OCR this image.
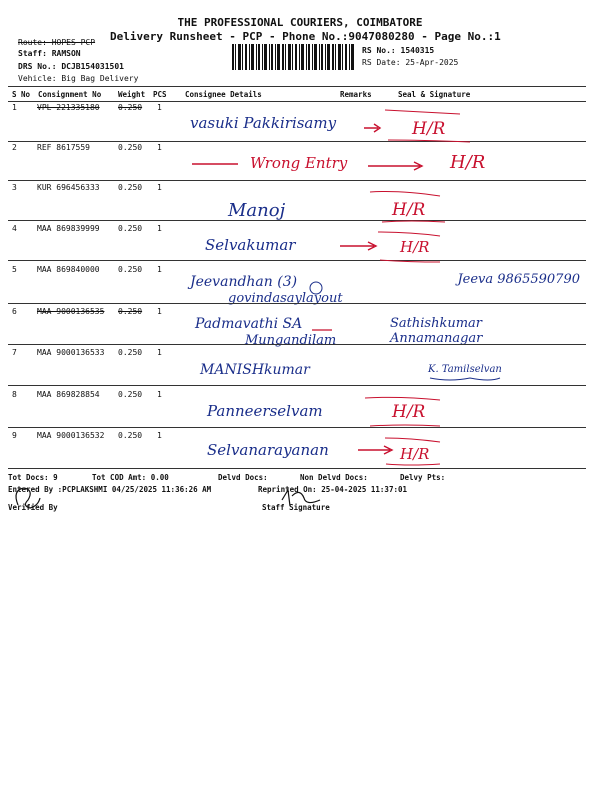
THE PROFESSIONAL COURIERS, COIMBATORE
Delivery Runsheet - PCP - Phone No.:9047080280 - Page No.:1
Route: HOPES PCP
Staff: RAMSON
DRS No.: DCJB154031501
Vehicle: Big Bag Delivery
RS No.: 1540315
RS Date: 25-Apr-2025
S No Consignment No Weight PCS Consignee Details	Remarks	Seal & Signature
1	VPL 221335180 0.250 1
vasuki Pakkirisamy	H/R
2	REF 8617559	0.250 1
Wrong Entry	H/R
3	KUR 696456333 0.250 1
Manoj	H/R
4	MAA 869839999 0.250 1
Selvakumar	H/R
5	MAA 869840000 0.250 1
Jeevandhan (3)
govindasaylayout
Jeeva 9865590790
6	MAA 9000136535 0.250 1
Padmavathi SA
Mungandilam
Sathishkumar Annamanagar
7	MAA 9000136533 0.250 1
MANISHkumar	K. Tamilselvan
8	MAA 869828854 0.250 1
Panneerselvam	H/R
9	MAA 9000136532 0.250 1
Selvanarayanan	H/R
Tot Docs: 9	Tot COD Amt: 0.00	Delvd Docs:	Non Delvd Docs:	Delvy Pts:
Entered By :PCPLAKSHMI 04/25/2025 11:36:26 AM	Reprinted On: 25-04-2025 11:37:01
Verified By	Staff Signature
